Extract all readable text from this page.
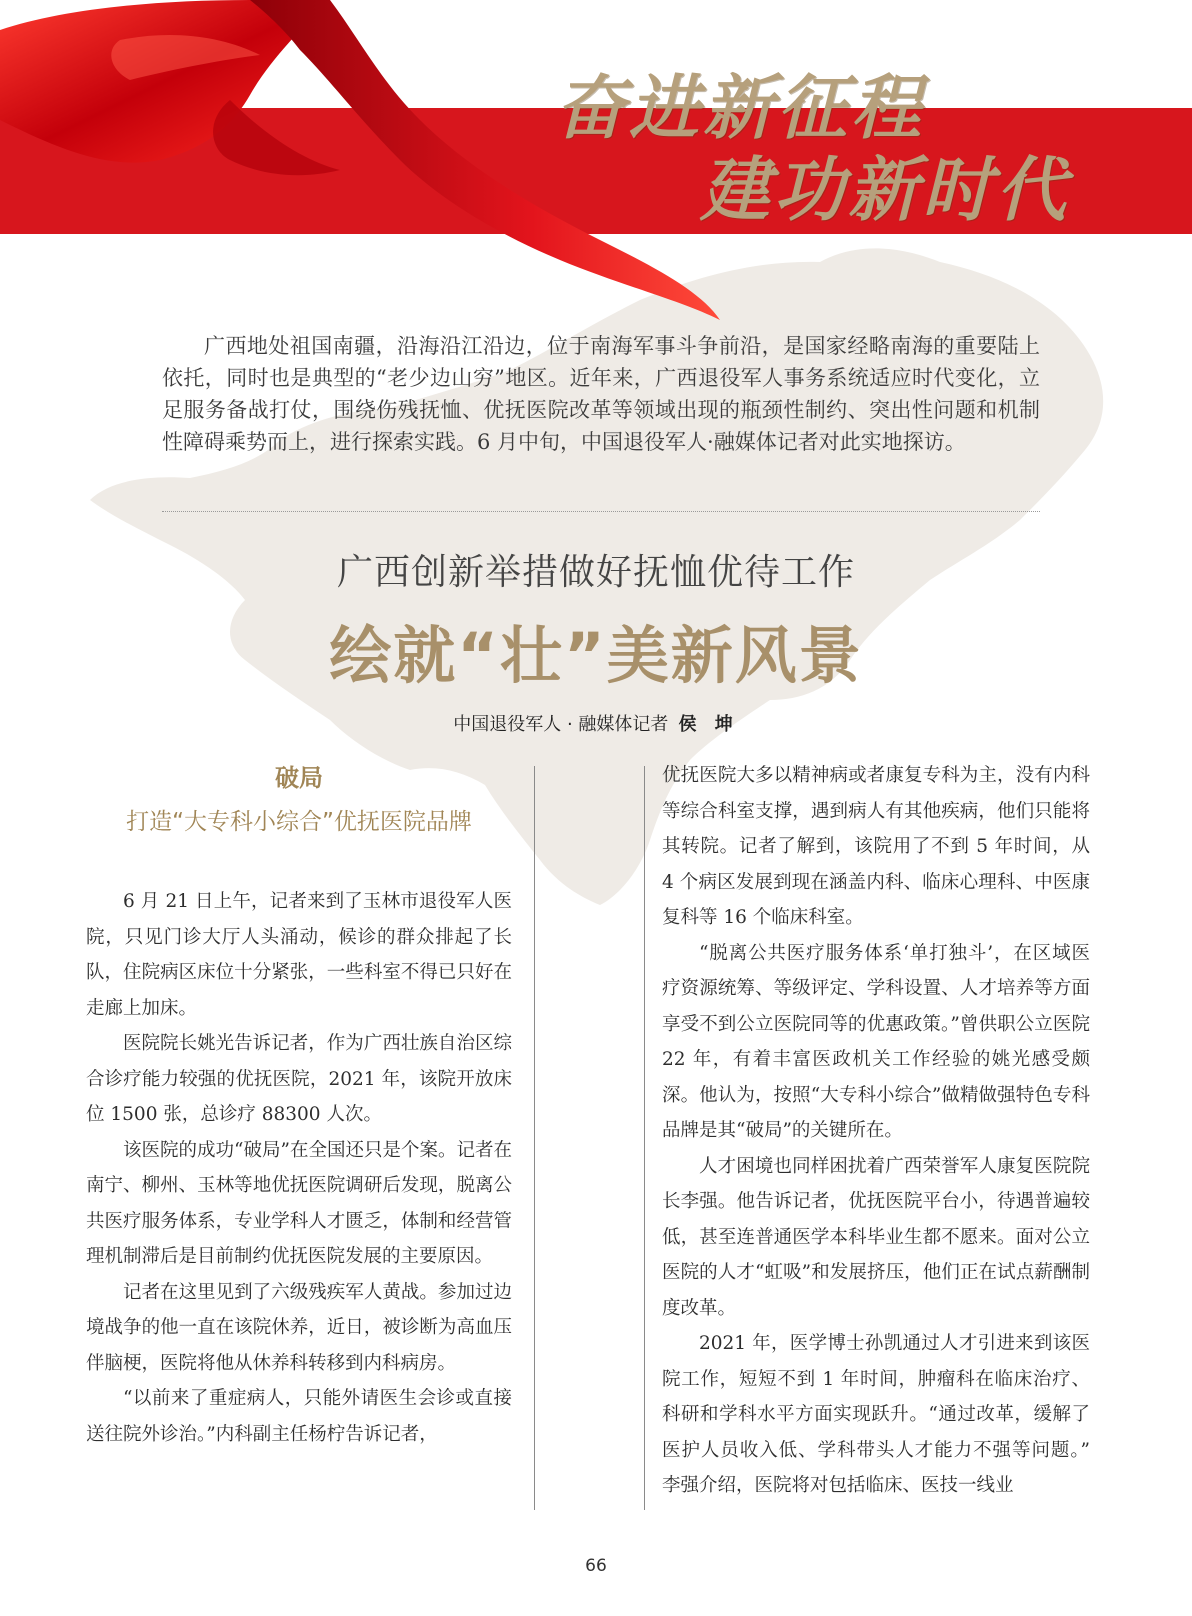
奋进新征程
建功新时代

广西地处祖国南疆，沿海沿江沿边，位于南海军事斗争前沿，是国家经略南海的重要陆上依托，同时也是典型的“老少边山穷”地区。近年来，广西退役军人事务系统适应时代变化，立足服务备战打仗，围绕伤残抚恤、优抚医院改革等领域出现的瓶颈性制约、突出性问题和机制性障碍乘势而上，进行探索实践。6 月中旬，中国退役军人·融媒体记者对此实地探访。

广西创新举措做好抚恤优待工作
绘就“壮”美新风景
中国退役军人 · 融媒体记者 侯 坤
破局
打造“大专科小综合”优抚医院品牌

6 月 21 日上午，记者来到了玉林市退役军人医院，只见门诊大厅人头涌动，候诊的群众排起了长队，住院病区床位十分紧张，一些科室不得已只好在走廊上加床。

医院院长姚光告诉记者，作为广西壮族自治区综合诊疗能力较强的优抚医院，2021 年，该院开放床位 1500 张，总诊疗 88300 人次。

该医院的成功“破局”在全国还只是个案。记者在南宁、柳州、玉林等地优抚医院调研后发现，脱离公共医疗服务体系，专业学科人才匮乏，体制和经营管理机制滞后是目前制约优抚医院发展的主要原因。

记者在这里见到了六级残疾军人黄战。参加过边境战争的他一直在该院休养，近日，被诊断为高血压伴脑梗，医院将他从休养科转移到内科病房。

“以前来了重症病人，只能外请医生会诊或直接送往院外诊治。”内科副主任杨柠告诉记者，

优抚医院大多以精神病或者康复专科为主，没有内科等综合科室支撑，遇到病人有其他疾病，他们只能将其转院。记者了解到，该院用了不到 5 年时间，从 4 个病区发展到现在涵盖内科、临床心理科、中医康复科等 16 个临床科室。

“脱离公共医疗服务体系‘单打独斗’，在区域医疗资源统筹、等级评定、学科设置、人才培养等方面享受不到公立医院同等的优惠政策。”曾供职公立医院 22 年，有着丰富医政机关工作经验的姚光感受颇深。他认为，按照“大专科小综合”做精做强特色专科品牌是其“破局”的关键所在。

人才困境也同样困扰着广西荣誉军人康复医院院长李强。他告诉记者，优抚医院平台小，待遇普遍较低，甚至连普通医学本科毕业生都不愿来。面对公立医院的人才“虹吸”和发展挤压，他们正在试点薪酬制度改革。

2021 年，医学博士孙凯通过人才引进来到该医院工作，短短不到 1 年时间，肿瘤科在临床治疗、科研和学科水平方面实现跃升。“通过改革，缓解了医护人员收入低、学科带头人才能力不强等问题。” 李强介绍，医院将对包括临床、医技一线业

66
